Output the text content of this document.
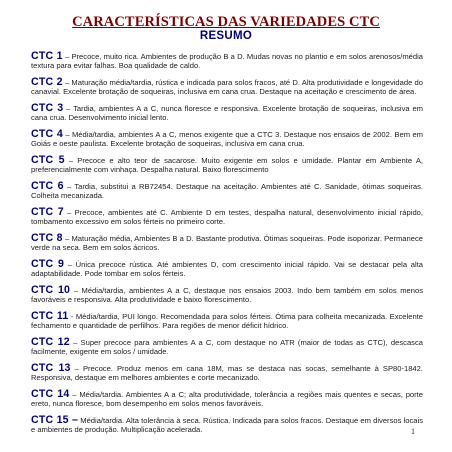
CARACTERÍSTICAS DAS VARIEDADES CTC
RESUMO

CTC 1 – Precoce, muito rica. Ambientes de produção B a D. Mudas novas no plantio e em solos arenosos/média textura para evitar falhas. Boa qualidade de caldo.

CTC 2 – Maturação média/tardia, rústica e indicada para solos fracos, até D. Alta produtividade e longevidade do canavial. Excelente brotação de soqueiras, inclusiva em cana crua. Destaque na aceitação e crescimento de área.

CTC 3 – Tardia, ambientes A a C, nunca floresce e responsiva. Excelente brotação de soqueiras, inclusiva em cana crua. Desenvolvimento inicial lento.

CTC 4 – Média/tardia, ambientes A a C, menos exigente que a CTC 3. Destaque nos ensaios de 2002. Bem em Goiás e oeste paulista. Excelente brotação de soqueiras, inclusiva em cana crua.

CTC 5 – Precoce e alto teor de sacarose. Muito exigente em solos e umidade. Plantar em Ambiente A, preferencialmente com vinhaça. Despalha natural. Baixo florescimento

CTC 6 – Tardia, substitui a RB72454. Destaque na aceitação. Ambientes até C. Sanidade, ótimas soqueiras. Colheita mecanizada.

CTC 7 – Precoce, ambientes até C. Ambiente D em testes, despalha natural, desenvolvimento inicial rápido, tombamento excessivo em solos férteis no primeiro corte.

CTC 8 – Maturação média, Ambientes B a D. Bastante produtiva. Ótimas soqueiras. Pode isoporizar. Permanece verde na seca. Bem em solos ácricos.

CTC 9 – Única precoce rústica. Até ambientes D, com crescimento inicial rápido. Vai se destacar pela alta adaptabilidade. Pode tombar em solos férteis.

CTC 10 – Média/tardia, ambientes A a C, destaque nos ensaios 2003. Indo bem também em solos menos favoráveis e responsiva. Alta produtividade e baixo florescimento.

CTC 11 - Média/tardia, PUI longo. Recomendada para solos férteis. Ótima para colheita mecanizada. Excelente fechamento e quantidade de perfilhos. Para regiões de menor déficit hídrico.

CTC 12 – Super precoce para ambientes A a C, com destaque no ATR (maior de todas as CTC), descasca facilmente, exigente em solos / umidade.

CTC 13 – Precoce. Produz menos em cana 18M, mas se destaca nas socas, semelhante à SP80-1842. Responsiva, destaque em melhores ambientes e corte mecanizado.

CTC 14 – Média/tardia. Ambientes A a C; alta produtividade, tolerância a regiões mais quentes e secas, porte ereto, nunca floresce, bom desempenho em solos menos favoráveis.

CTC 15 – Média/tardia. Alta tolerância à seca. Rústica. Indicada para solos fracos. Destaque em diversos locais e ambientes de produção. Multiplicação acelerada.	1
